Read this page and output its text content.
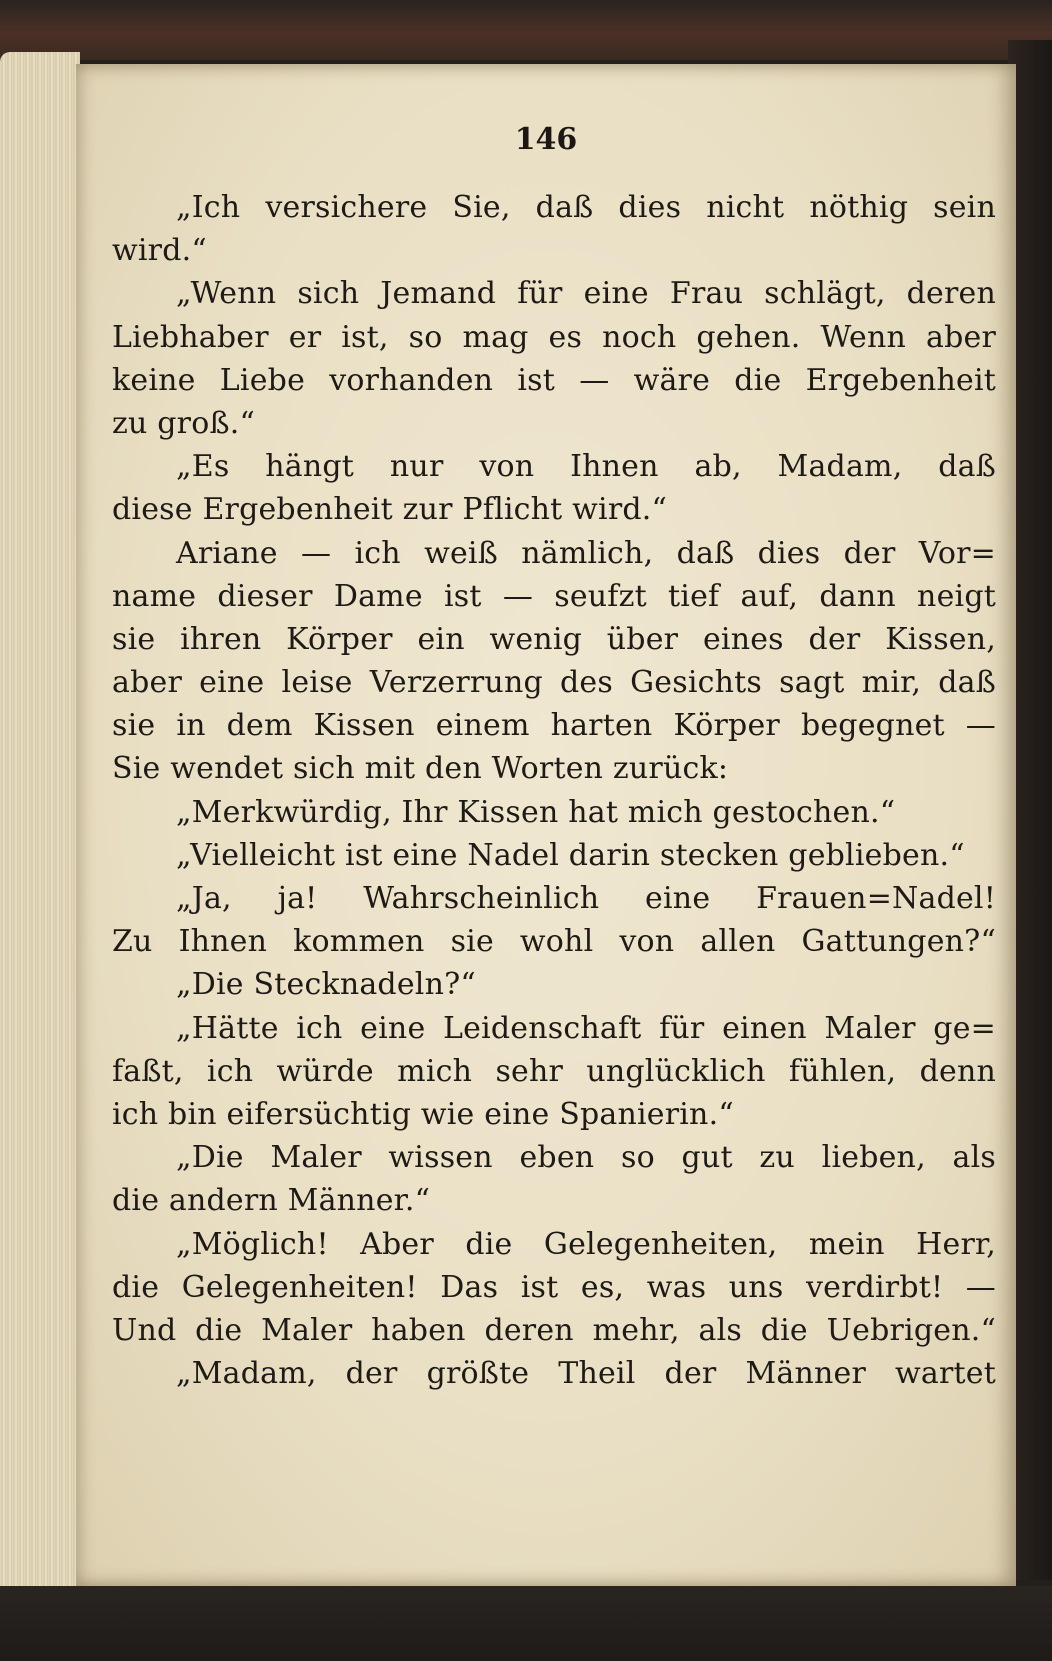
146
„Ich versichere Sie, daß dies nicht nöthig sein
wird.“
„Wenn sich Jemand für eine Frau schlägt, deren
Liebhaber er ist, so mag es noch gehen. Wenn aber
keine Liebe vorhanden ist — wäre die Ergebenheit
zu groß.“
„Es hängt nur von Ihnen ab, Madam, daß
diese Ergebenheit zur Pflicht wird.“
Ariane — ich weiß nämlich, daß dies der Vor=
name dieser Dame ist — seufzt tief auf, dann neigt
sie ihren Körper ein wenig über eines der Kissen,
aber eine leise Verzerrung des Gesichts sagt mir, daß
sie in dem Kissen einem harten Körper begegnet —
Sie wendet sich mit den Worten zurück:
„Merkwürdig, Ihr Kissen hat mich gestochen.“
„Vielleicht ist eine Nadel darin stecken geblieben.“
„Ja, ja! Wahrscheinlich eine Frauen=Nadel!
Zu Ihnen kommen sie wohl von allen Gattungen?“
„Die Stecknadeln?“
„Hätte ich eine Leidenschaft für einen Maler ge=
faßt, ich würde mich sehr unglücklich fühlen, denn
ich bin eifersüchtig wie eine Spanierin.“
„Die Maler wissen eben so gut zu lieben, als
die andern Männer.“
„Möglich! Aber die Gelegenheiten, mein Herr,
die Gelegenheiten! Das ist es, was uns verdirbt! —
Und die Maler haben deren mehr, als die Uebrigen.“
„Madam, der größte Theil der Männer wartet
